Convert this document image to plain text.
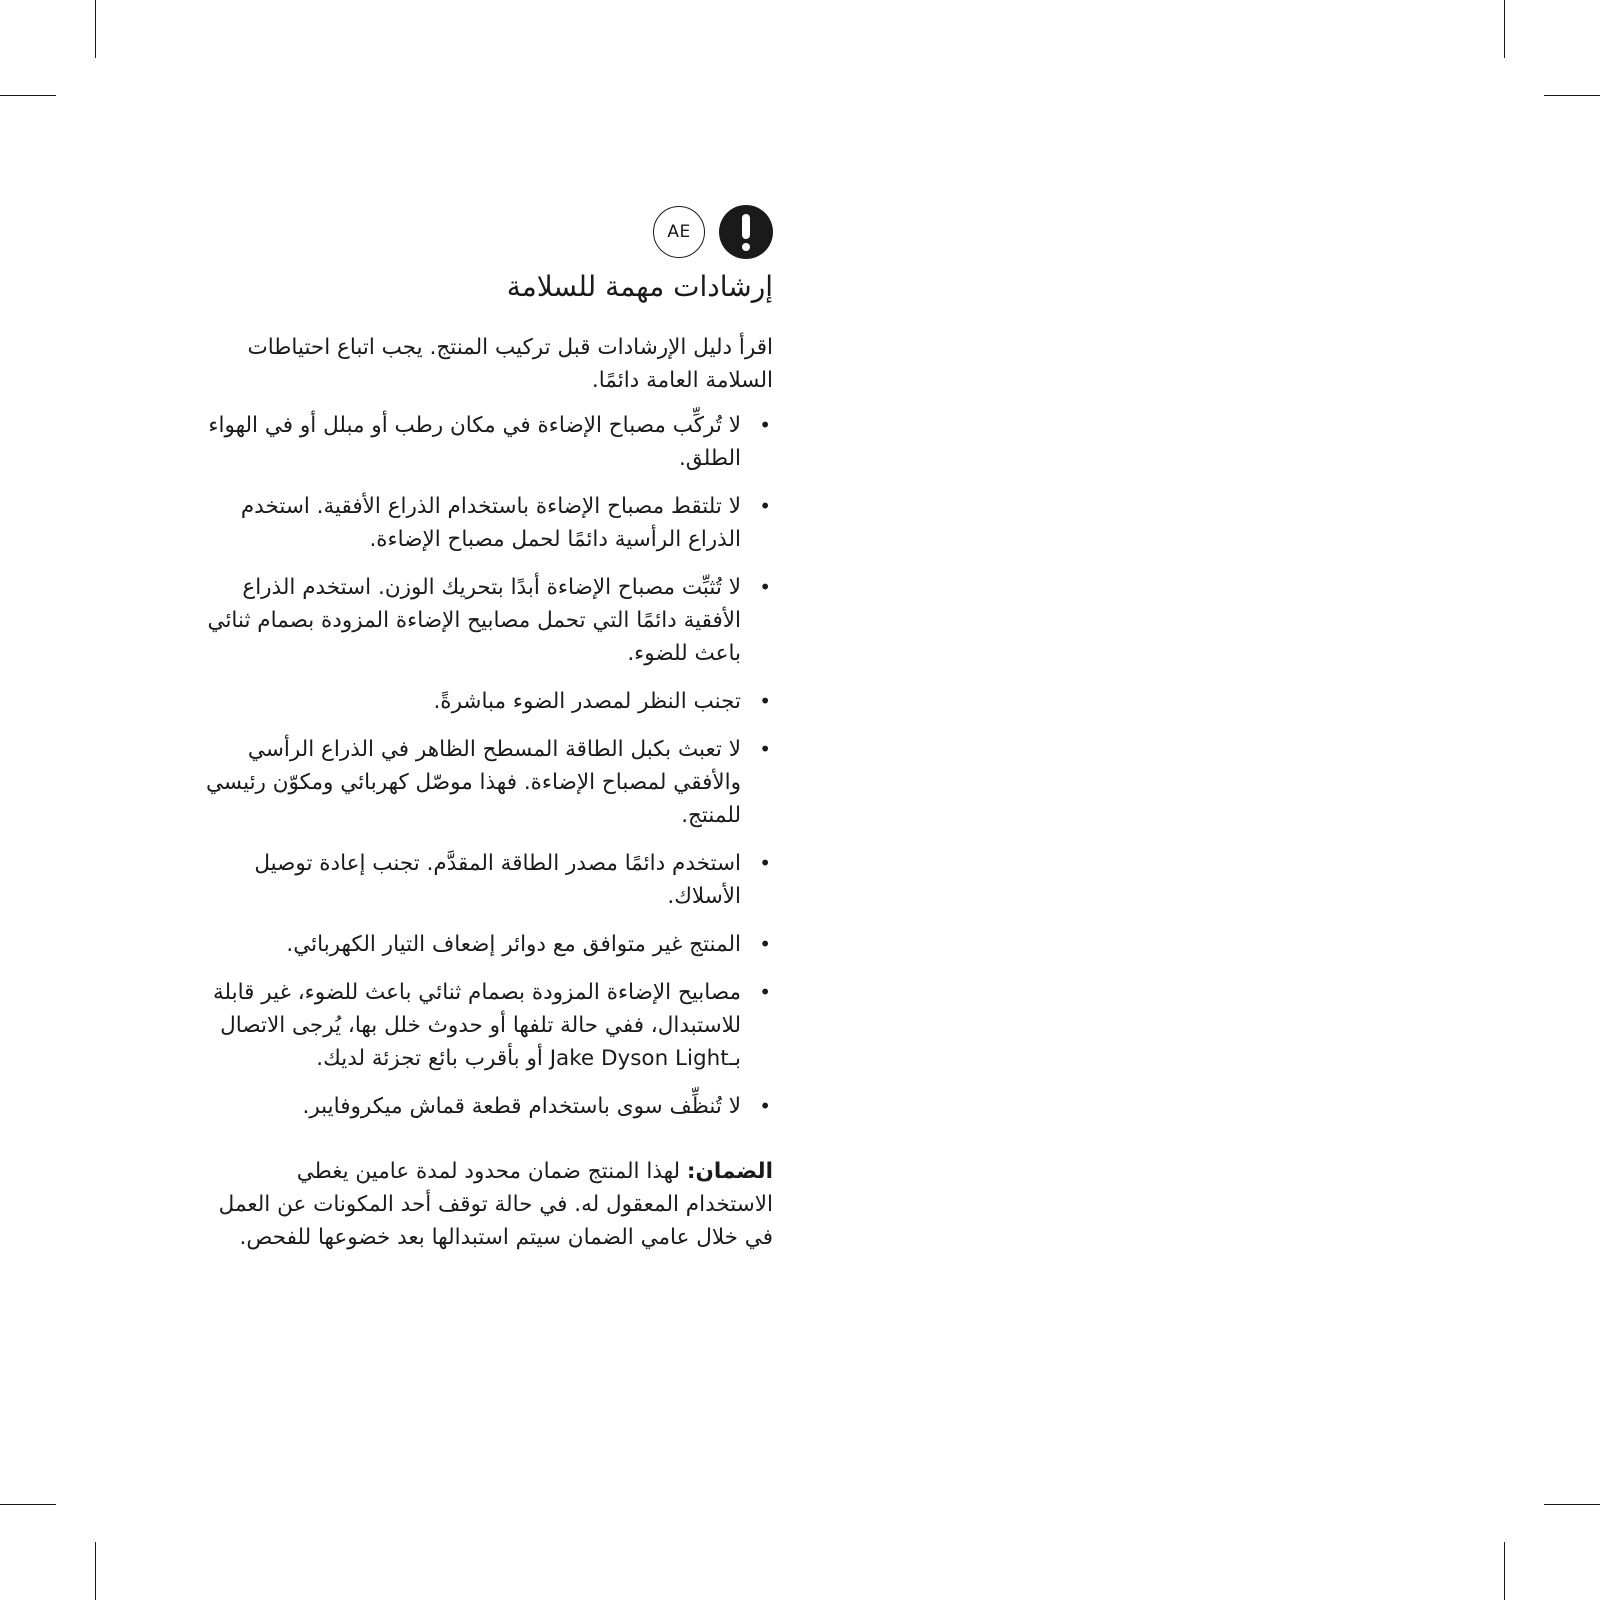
AE
إرشادات مهمة للسلامة

اقرأ دليل الإرشادات قبل تركيب المنتج. يجب اتباع احتياطات السلامة العامة دائمًا.

•
لا تُركِّب مصباح الإضاءة في مكان رطب أو مبلل أو في الهواء الطلق.
•
لا تلتقط مصباح الإضاءة باستخدام الذراع الأفقية. استخدم الذراع الرأسية دائمًا لحمل مصباح الإضاءة.
•
لا تُثبِّت مصباح الإضاءة أبدًا بتحريك الوزن. استخدم الذراع الأفقية دائمًا التي تحمل مصابيح الإضاءة المزودة بصمام ثنائي باعث للضوء.
•
تجنب النظر لمصدر الضوء مباشرةً.
•
لا تعبث بكبل الطاقة المسطح الظاهر في الذراع الرأسي والأفقي لمصباح الإضاءة. فهذا موصّل كهربائي ومكوّن رئيسي للمنتج.
•
استخدم دائمًا مصدر الطاقة المقدَّم. تجنب إعادة توصيل الأسلاك.
•
المنتج غير متوافق مع دوائر إضعاف التيار الكهربائي.
•
مصابيح الإضاءة المزودة بصمام ثنائي باعث للضوء، غير قابلة للاستبدال، ففي حالة تلفها أو حدوث خلل بها، يُرجى الاتصال بـJake Dyson Light أو بأقرب بائع تجزئة لديك.
•
لا تُنظِّف سوى باستخدام قطعة قماش ميكروفايبر.

الضمان: لهذا المنتج ضمان محدود لمدة عامين يغطي الاستخدام المعقول له. في حالة توقف أحد المكونات عن العمل في خلال عامي الضمان سيتم استبدالها بعد خضوعها للفحص.
